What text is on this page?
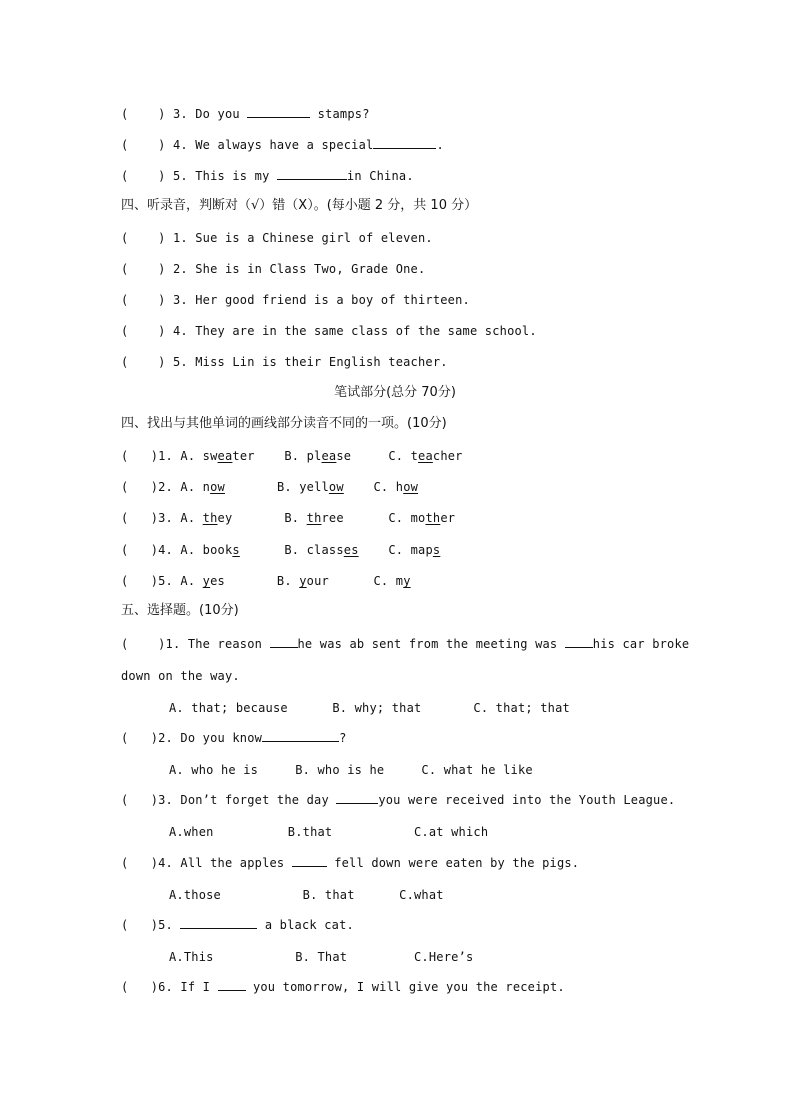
(    ) 3. Do you	stamps?
(    ) 4. We always have a special	.
(    ) 5. This is my	in China.
四、听录音，判断对（√）错（X）。(每小题 2 分，共 10 分）
(    ) 1. Sue is a Chinese girl of eleven.
(    ) 2. She is in Class Two, Grade One.
(    ) 3. Her good friend is a boy of thirteen.
(    ) 4. They are in the same class of the same school.
(    ) 5. Miss Lin is their English teacher.
笔试部分(总分 70分)
四、找出与其他单词的画线部分读音不同的一项。(10分)
(   )1. A. sweater    B. please     C. teacher
(   )2. A. now       B. yellow    C. how
(   )3. A. they       B. three      C. mother
(   )4. A. books      B. classes    C. maps
(   )5. A. yes       B. your      C. my
五、选择题。(10分)
(    )1. The reason he was ab sent from the meeting was his car broke
down on the way.
A. that; because      B. why; that       C. that; that
(   )2. Do you know	?
A. who he is     B. who is he     C. what he like
(   )3. Don’t forget the day	you were received into the Youth League.
A.when          B.that           C.at which
(   )4. All the apples	fell down were eaten by the pigs.
A.those           B. that      C.what
(   )5.	a black cat.
A.This           B. That         C.Here’s
(   )6. If I  you tomorrow, I will give you the receipt.
